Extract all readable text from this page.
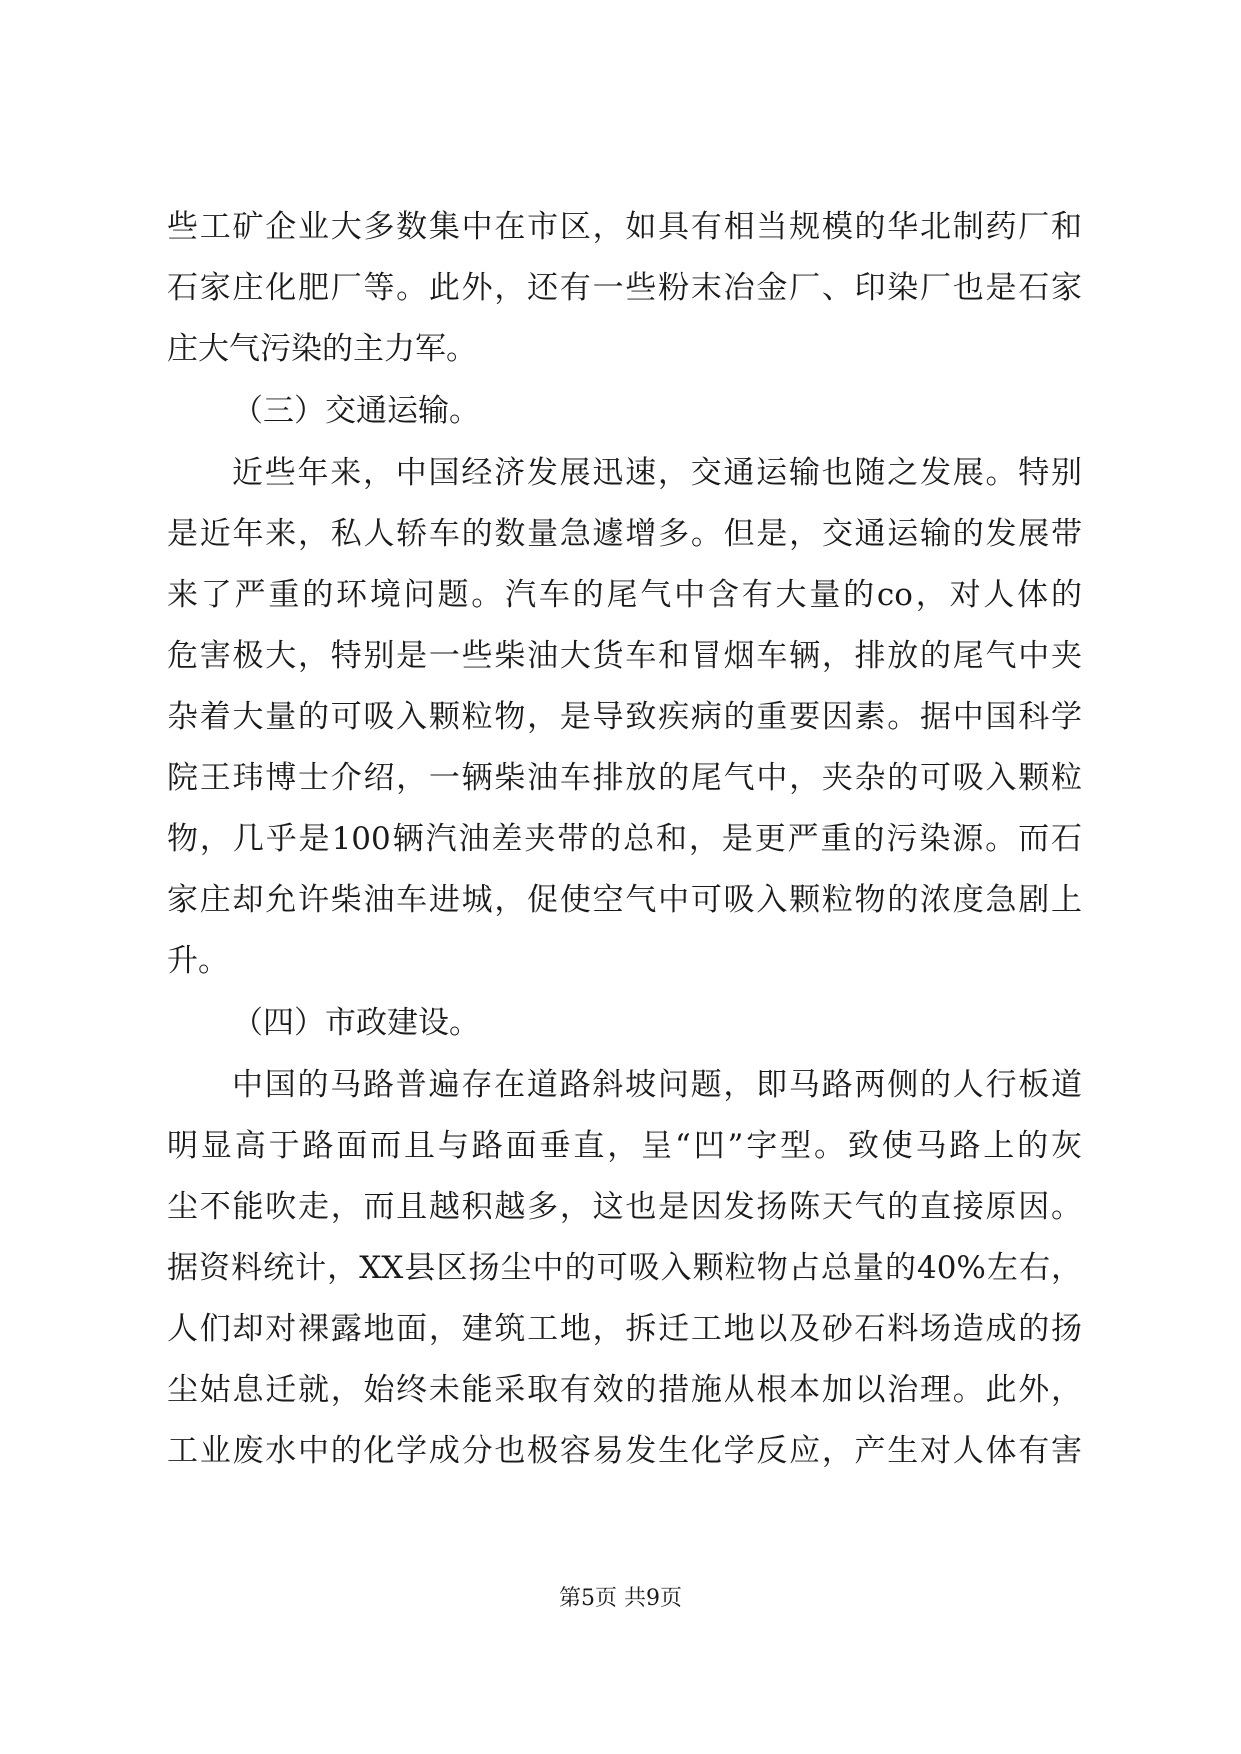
些工矿企业大多数集中在市区，如具有相当规模的华北制药厂和
石家庄化肥厂等。此外，还有一些粉末冶金厂、印染厂也是石家
庄大气污染的主力军。
（三）交通运输。
近些年来，中国经济发展迅速，交通运输也随之发展。特别
是近年来，私人轿车的数量急遽增多。但是，交通运输的发展带
来了严重的环境问题。汽车的尾气中含有大量的co，对人体的
危害极大，特别是一些柴油大货车和冒烟车辆，排放的尾气中夹
杂着大量的可吸入颗粒物，是导致疾病的重要因素。据中国科学
院王玮博士介绍，一辆柴油车排放的尾气中，夹杂的可吸入颗粒
物，几乎是100辆汽油差夹带的总和，是更严重的污染源。而石
家庄却允许柴油车进城，促使空气中可吸入颗粒物的浓度急剧上
升。
（四）市政建设。
中国的马路普遍存在道路斜坡问题，即马路两侧的人行板道
明显高于路面而且与路面垂直，呈“凹”字型。致使马路上的灰
尘不能吹走，而且越积越多，这也是因发扬陈天气的直接原因。
据资料统计，XX县区扬尘中的可吸入颗粒物占总量的40%左右，
人们却对裸露地面，建筑工地，拆迁工地以及砂石料场造成的扬
尘姑息迁就，始终未能采取有效的措施从根本加以治理。此外，
工业废水中的化学成分也极容易发生化学反应，产生对人体有害
第5页 共9页
